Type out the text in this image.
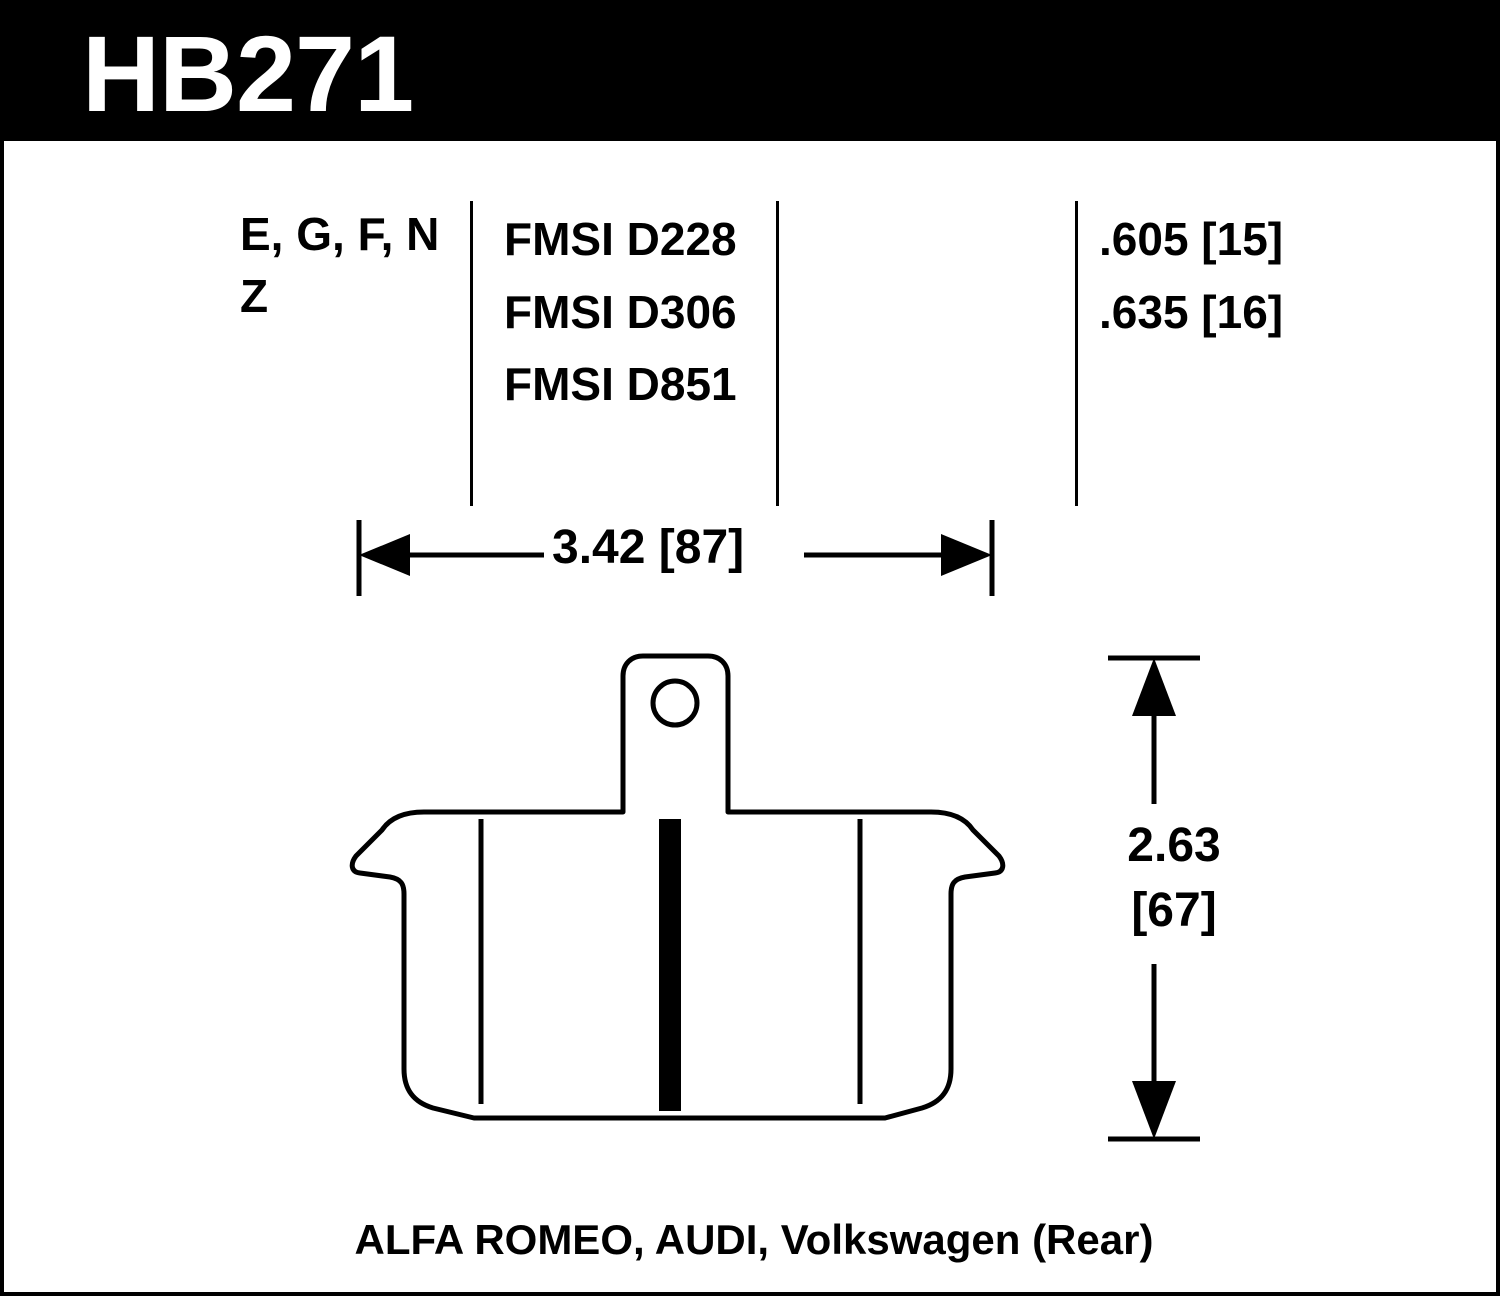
HB271
E, G, F, N
Z
FMSI D228
FMSI D306
FMSI D851
.605 [15]
.635 [16]
3.42 [87]
2.63
[67]
ALFA ROMEO, AUDI, Volkswagen (Rear)
